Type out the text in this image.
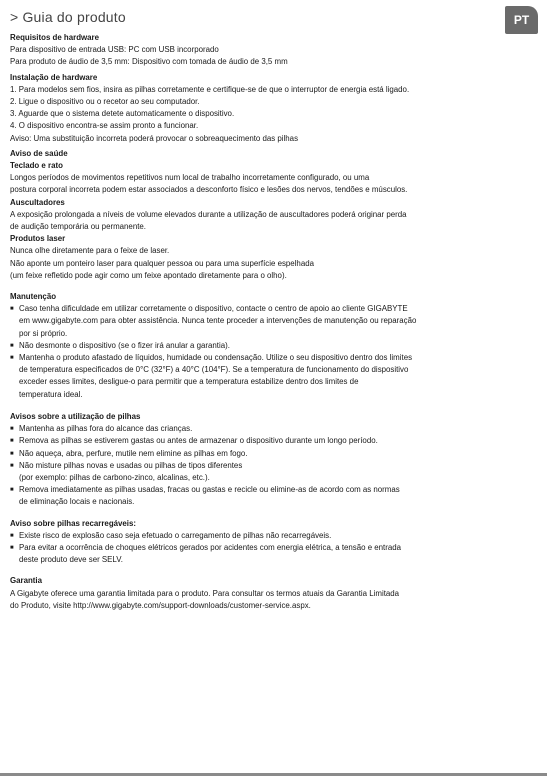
> Guia do produto	PT
Requisitos de hardware
Para dispositivo de entrada USB: PC com USB incorporado
Para produto de áudio de 3,5 mm: Dispositivo com tomada de áudio de 3,5 mm
Instalação de hardware
1. Para modelos sem fios, insira as pilhas corretamente e certifique-se de que o interruptor de energia está ligado.
2. Ligue o dispositivo ou o recetor ao seu computador.
3. Aguarde que o sistema detete automaticamente o dispositivo.
4. O dispositivo encontra-se assim pronto a funcionar.
Aviso: Uma substituição incorreta poderá provocar o sobreaquecimento das pilhas
Aviso de saúde
Teclado e rato
Longos períodos de movimentos repetitivos num local de trabalho incorretamente configurado, ou uma
postura corporal incorreta podem estar associados a desconforto físico e lesões dos nervos, tendões e músculos.
Auscultadores
A exposição prolongada a níveis de volume elevados durante a utilização de auscultadores poderá originar perda
de audição temporária ou permanente.
Produtos laser
Nunca olhe diretamente para o feixe de laser.
Não aponte um ponteiro laser para qualquer pessoa ou para uma superfície espelhada
(um feixe refletido pode agir como um feixe apontado diretamente para o olho).
Manutenção
■ Caso tenha dificuldade em utilizar corretamente o dispositivo, contacte o centro de apoio ao cliente GIGABYTE
em www.gigabyte.com para obter assistência. Nunca tente proceder a intervenções de manutenção ou reparação
por si próprio.
■ Não desmonte o dispositivo (se o fizer irá anular a garantia).
■ Mantenha o produto afastado de líquidos, humidade ou condensação. Utilize o seu dispositivo dentro dos limites
de temperatura especificados de 0°C (32°F) a 40°C (104°F). Se a temperatura de funcionamento do dispositivo
exceder esses limites, desligue-o para permitir que a temperatura estabilize dentro dos limites de
temperatura ideal.
Avisos sobre a utilização de pilhas
■ Mantenha as pilhas fora do alcance das crianças.
■ Remova as pilhas se estiverem gastas ou antes de armazenar o dispositivo durante um longo período.
■ Não aqueça, abra, perfure, mutile nem elimine as pilhas em fogo.
■ Não misture pilhas novas e usadas ou pilhas de tipos diferentes
(por exemplo: pilhas de carbono-zinco, alcalinas, etc.).
■ Remova imediatamente as pilhas usadas, fracas ou gastas e recicle ou elimine-as de acordo com as normas
de eliminação locais e nacionais.
Aviso sobre pilhas recarregáveis:
■ Existe risco de explosão caso seja efetuado o carregamento de pilhas não recarregáveis.
■ Para evitar a ocorrência de choques elétricos gerados por acidentes com energia elétrica, a tensão e entrada
deste produto deve ser SELV.
Garantia
A Gigabyte oferece uma garantia limitada para o produto. Para consultar os termos atuais da Garantia Limitada
do Produto, visite http://www.gigabyte.com/support-downloads/customer-service.aspx.
